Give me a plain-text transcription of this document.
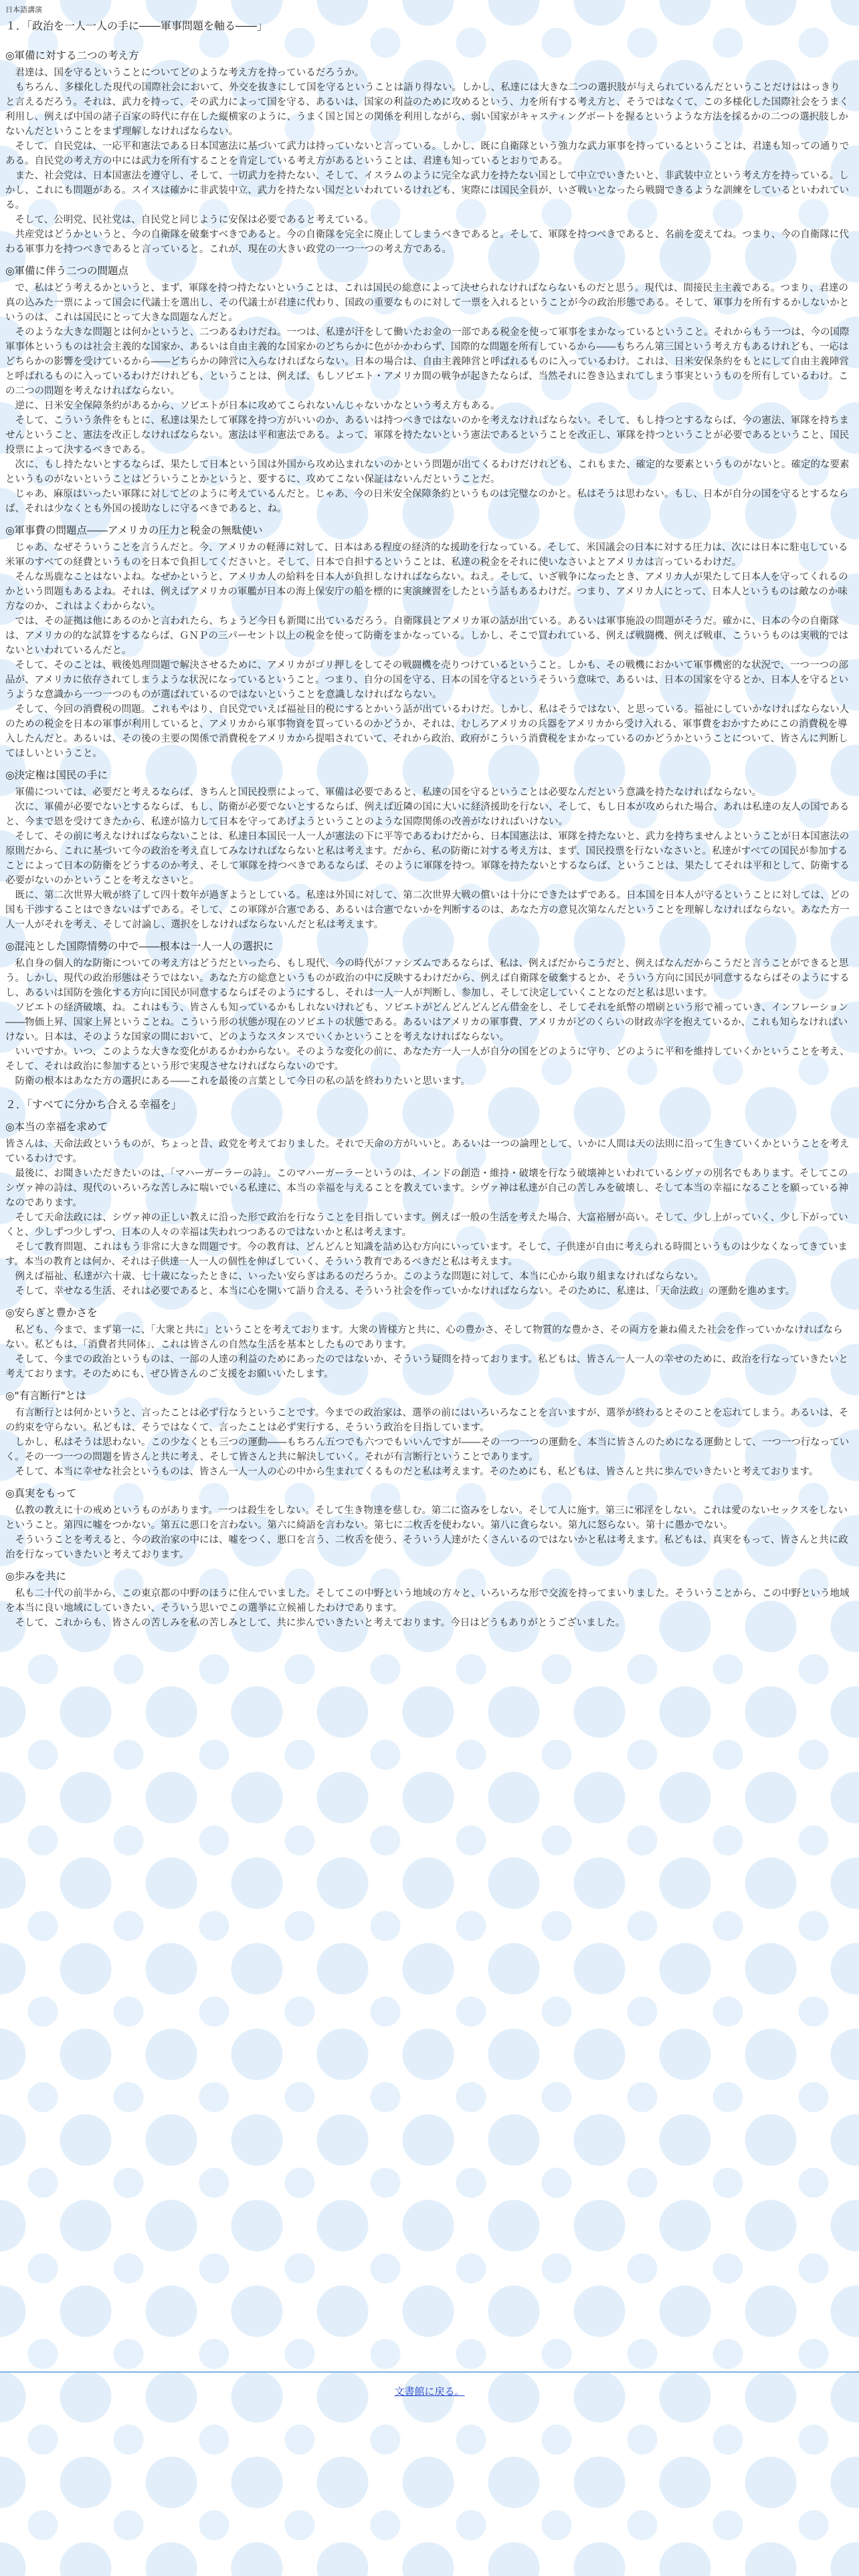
日本語講演
１．「政治を一人一人の手に――軍事問題を軸る――」
◎軍備に対する二つの考え方

　君達は、国を守るということについてどのような考え方を持っているだろうか。

　もちろん、多様化した現代の国際社会において、外交を抜きにして国を守るということは語り得ない。しかし、私達には大きな二つの選択肢が与えられているんだということだけははっきりと言えるだろう。それは、武力を持って、その武力によって国を守る、あるいは、国家の利益のために攻めるという、力を所有する考え方と、そうではなくて、この多様化した国際社会をうまく利用し、例えば中国の諸子百家の時代に存在した縦横家のように、うまく国と国との関係を利用しながら、弱い国家がキャスティングボートを握るというような方法を採るかの二つの選択肢しかないんだということをまず理解しなければならない。

　そして、自民党は、一応平和憲法である日本国憲法に基づいて武力は持っていないと言っている。しかし、既に自衛隊という強力な武力軍事を持っているということは、君達も知っての通りである。自民党の考え方の中には武力を所有することを肯定している考え方があるということは、君達も知っているとおりである。

　また、社会党は、日本国憲法を遵守し、そして、一切武力を持たない、そして、イスラムのように完全な武力を持たない国として中立でいきたいと、非武装中立という考え方を持っている。しかし、これにも問題がある。スイスは確かに非武装中立、武力を持たない国だといわれているけれども、実際には国民全員が、いざ戦いとなったら戦闘できるような訓練をしているといわれている。

　そして、公明党、民社党は、自民党と同じように安保は必要であると考えている。

　共産党はどうかというと、今の自衛隊を破棄すべきであると。今の自衛隊を完全に廃止してしまうべきであると。そして、軍隊を持つべきであると、名前を変えてね。つまり、今の自衛隊に代わる軍事力を持つべきであると言っていると。これが、現在の大きい政党の一つ一つの考え方である。

◎軍備に伴う二つの問題点

　で、私はどう考えるかというと、まず、軍隊を持つ持たないということは、これは国民の総意によって決せられなければならないものだと思う。現代は、間接民主主義である。つまり、君達の真の込みた一票によって国会に代議士を選出し、その代議士が君達に代わり、国政の重要なものに対して一票を入れるということが今の政治形態である。そして、軍事力を所有するかしないかというのは、これは国民にとって大きな問題なんだと。

　そのような大きな問題とは何かというと、二つあるわけだね。一つは、私達が汗をして働いたお金の一部である税金を使って軍事をまかなっているということ。それからもう一つは、今の国際軍事体というものは社会主義的な国家か、あるいは自由主義的な国家かのどちらかに色がかかわらず、国際的な問題を所有しているから――もちろん第三国という考え方もあるけれども、一応はどちらかの影響を受けているから――どちらかの陣営に入らなければならない。日本の場合は、自由主義陣営と呼ばれるものに入っているわけ。これは、日米安保条約をもとにして自由主義陣営と呼ばれるものに入っているわけだけれども、ということは、例えば、もしソビエト・アメリカ間の戦争が起きたならば、当然それに巻き込まれてしまう事実というものを所有しているわけ。この二つの問題を考えなければならない。

　逆に、日米安全保障条約があるから、ソビエトが日本に攻めてこられないんじゃないかなという考え方もある。

　そして、こういう条件をもとに、私達は果たして軍隊を持つ方がいいのか、あるいは持つべきではないのかを考えなければならない。そして、もし持つとするならば、今の憲法、軍隊を持ちませんということ、憲法を改正しなければならない。憲法は平和憲法である。よって、軍隊を持たないという憲法であるということを改正し、軍隊を持つということが必要であるということ、国民投票によって決するべきである。

　次に、もし持たないとするならば、果たして日本という国は外国から攻め込まれないのかという問題が出てくるわけだけれども、これもまた、確定的な要素というものがないと。確定的な要素というものがないということはどういうことかというと、要するに、攻めてこない保証はないんだということだ。

　じゃあ、麻原はいったい軍隊に対してどのように考えているんだと。じゃあ、今の日米安全保障条約というものは完璧なのかと。私はそうは思わない。もし、日本が自分の国を守るとするならば、それは少なくとも外国の援助なしに守るべきであると、ね。

◎軍事費の問題点――アメリカの圧力と税金の無駄使い

　じゃあ、なぜそういうことを言うんだと。今、アメリカの軽薄に対して、日本はある程度の経済的な援助を行なっている。そして、米国議会の日本に対する圧力は、次には日本に駐屯している米軍のすべての経費というものを日本で負担してくださいと。そして、日本で自担するということは、私達の税金をそれに使いなさいよとアメリカは言っているわけだ。

　そんな馬鹿なことはないよね。なぜかというと、アメリカ人の給料を日本人が負担しなければならない。ねえ。そして、いざ戦争になったとき、アメリカ人が果たして日本人を守ってくれるのかという問題もあるよね。それは、例えばアメリカの軍艦が日本の海上保安庁の船を標的に実演練習をしたという話もあるわけだ。つまり、アメリカ人にとって、日本人というものは敵なのか味方なのか、これはよくわからない。

　では、その証拠は他にあるのかと言われたら、ちょうど今日も新聞に出ているだろう。自衛隊員とアメリカ軍の話が出ている。あるいは軍事施設の問題がそうだ。確かに、日本の今の自衛隊は、アメリカの的な試算をするならば、ＧＮＰの三パーセント以上の税金を使って防衛をまかなっている。しかし、そこで買われている、例えば戦闘機、例えば戦車、こういうものは実戦的ではないといわれているんだと。

　そして、そのことは、戦後処理問題で解決させるために、アメリカがゴリ押しをしてその戦闘機を売りつけているということ。しかも、その戦機におかいて軍事機密的な状況で、一つ一つの部品が、アメリカに依存されてしまうような状況になっているということ。つまり、自分の国を守る、日本の国を守るというそういう意味で、あるいは、日本の国家を守るとか、日本人を守るというような意識から一つ一つのものが選ばれているのではないということを意識しなければならない。

　そして、今回の消費税の問題。これもやはり、自民党でいえば福祉目的税にするとかいう話が出ているわけだ。しかし、私はそうではない、と思っている。福祉にしていかなければならない人のための税金を日本の軍事が利用していると、アメリカから軍事物資を買っているのかどうか、それは、むしろアメリカの兵器をアメリカから受け入れる、軍事費をおかすためにこの消費税を導入したんだと。あるいは、その後の主要の関係で消費税をアメリカから提唱されていて、それから政治、政府がこういう消費税をまかなっているのかどうかということについて、皆さんに判断してほしいということ。

◎決定権は国民の手に

　軍備については、必要だと考えるならば、きちんと国民投票によって、軍備は必要であると、私達の国を守るということは必要なんだという意識を持たなければならない。

　次に、軍備が必要でないとするならば、もし、防衛が必要でないとするならば、例えば近隣の国に大いに経済援助を行ない、そして、もし日本が攻められた場合、あれは私達の友人の国であると、今まで恩を受けてきたから、私達が協力して日本を守ってあげようということのような国際関係の改善がなければいけない。

　そして、その前に考えなければならないことは、私達日本国民一人一人が憲法の下に平等であるわけだから、日本国憲法は、軍隊を持たないと、武力を持ちませんよということが日本国憲法の原則だから、これに基づいて今の政治を考え直してみなければならないと私は考えます。だから、私の防衛に対する考え方は、まず、国民投票を行ないなさいと。私達がすべての国民が参加することによって日本の防衛をどうするのか考え、そして軍隊を持つべきであるならば、そのように軍隊を持つ。軍隊を持たないとするならば、ということは、果たしてそれは平和として、防衛する必要がないのかということを考えなさいと。

　既に、第二次世界大戦が終了して四十数年が過ぎようとしている。私達は外国に対して、第二次世界大戦の償いは十分にできたはずである。日本国を日本人が守るということに対しては、どの国も干渉することはできないはずである。そして、この軍隊が合憲である、あるいは合憲でないかを判断するのは、あなた方の意見次第なんだということを理解しなければならない。あなた方一人一人がそれを考え、そして討論し、選択をしなければならないんだと私は考えます。

◎混沌とした国際情勢の中で――根本は一人一人の選択に

　私自身の個人的な防衛についての考え方はどうだといったら、もし現代、今の時代がファシズムであるならば、私は、例えばだからこうだと、例えばなんだからこうだと言うことができると思う。しかし、現代の政治形態はそうではない。あなた方の総意というものが政治の中に反映するわけだから、例えば自衛隊を破棄するとか、そういう方向に国民が同意するならばそのようにするし、あるいは国防を強化する方向に国民が同意するならばそのようにするし、それは一人一人が判断し、参加し、そして決定していくことなのだと私は思います。

　ソビエトの経済破壊、ね。これはもう、皆さんも知っているかもしれないけれども、ソビエトがどんどんどんどん借金をし、そしてそれを紙幣の増刷という形で補っていき、インフレーション――物価上昇、国家上昇ということね。こういう形の状態が現在のソビエトの状態である。あるいはアメリカの軍事費、アメリカがどのくらいの財政赤字を抱えているか、これも知らなければいけない。日本は、そのような国家の間において、どのようなスタンスでいくかということを考えなければならない。

　いいですか。いつ、このような大きな変化があるかわからない。そのような変化の前に、あなた方一人一人が自分の国をどのように守り、どのように平和を維持していくかということを考え、そして、それは政治に参加するという形で実現させなければならないのです。

　防衛の根本はあなた方の選択にある――これを最後の言葉として今日の私の話を終わりたいと思います。

２．「すべてに分かち合える幸福を」
◎本当の幸福を求めて

皆さんは、天命法政というものが、ちょっと昔、政党を考えておりました。それで天命の方がいいと。あるいは一つの論理として、いかに人間は天の法則に沿って生きていくかということを考えているわけです。

　最後に、お聞きいただきたいのは、「マハーガーラーの詩」。このマハーガーラーというのは、インドの創造・維持・破壊を行なう破壊神といわれているシヴァの別名でもあります。そしてこのシヴァ神の詩は、現代のいろいろな苦しみに喘いでいる私達に、本当の幸福を与えることを教えています。シヴァ神は私達が自己の苦しみを破壊し、そして本当の幸福になることを願っている神なのであります。

　そして天命法政には、シヴァ神の正しい教えに沿った形で政治を行なうことを目指しています。例えば一般の生活を考えた場合、大富裕層が高い。そして、少し上がっていく、少し下がっていくと、少しずつ少しずつ、日本の人々の幸福は失われつつあるのではないかと私は考えます。

　そして教育問題、これはもう非常に大きな問題です。今の教育は、どんどんと知識を詰め込む方向にいっています。そして、子供達が自由に考えられる時間というものは少なくなってきています。本当の教育とは何か、それは子供達一人一人の個性を伸ばしていく、そういう教育であるべきだと私は考えます。

　例えば福祉、私達が六十歳、七十歳になったときに、いったい安らぎはあるのだろうか。このような問題に対して、本当に心から取り組まなければならない。

　そして、幸せなる生活、それは必要であると、本当に心を開いて語り合える、そういう社会を作っていかなければならない。そのために、私達は、「天命法政」の運動を進めます。

◎安らぎと豊かさを

　私ども、今まで、まず第一に、「大衆と共に」ということを考えております。大衆の皆様方と共に、心の豊かさ、そして物質的な豊かさ、その両方を兼ね備えた社会を作っていかなければならない。私どもは、「消費者共同体」、これは皆さんの自然な生活を基本としたものであります。

　そして、今までの政治というものは、一部の人達の利益のためにあったのではないか、そういう疑問を持っております。私どもは、皆さん一人一人の幸せのために、政治を行なっていきたいと考えております。そのためにも、ぜひ皆さんのご支援をお願いいたします。

◎"有言断行"とは

　有言断行とは何かというと、言ったことは必ず行なうということです。今までの政治家は、選挙の前にはいろいろなことを言いますが、選挙が終わるとそのことを忘れてしまう。あるいは、その約束を守らない。私どもは、そうではなくて、言ったことは必ず実行する、そういう政治を目指しています。

　しかし、私はそうは思わない。この少なくとも三つの運動――もちろん五つでも六つでもいいんですが――その一つ一つの運動を、本当に皆さんのためになる運動として、一つ一つ行なっていく。その一つ一つの問題を皆さんと共に考え、そして皆さんと共に解決していく。それが有言断行ということであります。

　そして、本当に幸せな社会というものは、皆さん一人一人の心の中から生まれてくるものだと私は考えます。そのためにも、私どもは、皆さんと共に歩んでいきたいと考えております。

◎真実をもって

　仏教の教えに十の戒めというものがあります。一つは殺生をしない。そして生き物達を慈しむ。第二に盗みをしない。そして人に施す。第三に邪淫をしない。これは愛のないセックスをしないということ。第四に嘘をつかない。第五に悪口を言わない。第六に綺語を言わない。第七に二枚舌を使わない。第八に貪らない。第九に怒らない。第十に愚かでない。

　そういうことを考えると、今の政治家の中には、嘘をつく、悪口を言う、二枚舌を使う、そういう人達がたくさんいるのではないかと私は考えます。私どもは、真実をもって、皆さんと共に政治を行なっていきたいと考えております。

◎歩みを共に

　私も二十代の前半から、この東京都の中野のほうに住んでいました。そしてこの中野という地域の方々と、いろいろな形で交流を持ってまいりました。そういうことから、この中野という地域を本当に良い地域にしていきたい、そういう思いでこの選挙に立候補したわけであります。

　そして、これからも、皆さんの苦しみを私の苦しみとして、共に歩んでいきたいと考えております。今日はどうもありがとうございました。

文書館に戻る。
